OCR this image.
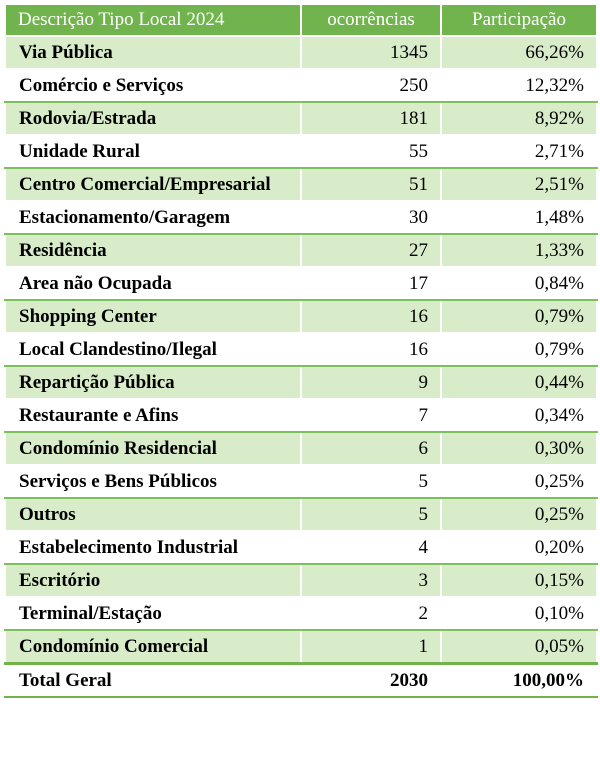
Descrição Tipo Local 2024	ocorrências	Participação
Via Pública	1345	66,26%
Comércio e Serviços	250	12,32%
Rodovia/Estrada	181	8,92%
Unidade Rural	55	2,71%
Centro Comercial/Empresarial	51	2,51%
Estacionamento/Garagem	30	1,48%
Residência	27	1,33%
Area não Ocupada	17	0,84%
Shopping Center	16	0,79%
Local Clandestino/Ilegal	16	0,79%
Repartição Pública	9	0,44%
Restaurante e Afins	7	0,34%
Condomínio Residencial	6	0,30%
Serviços e Bens Públicos	5	0,25%
Outros	5	0,25%
Estabelecimento Industrial	4	0,20%
Escritório	3	0,15%
Terminal/Estação	2	0,10%
Condomínio Comercial	1	0,05%
Total Geral	2030	100,00%
